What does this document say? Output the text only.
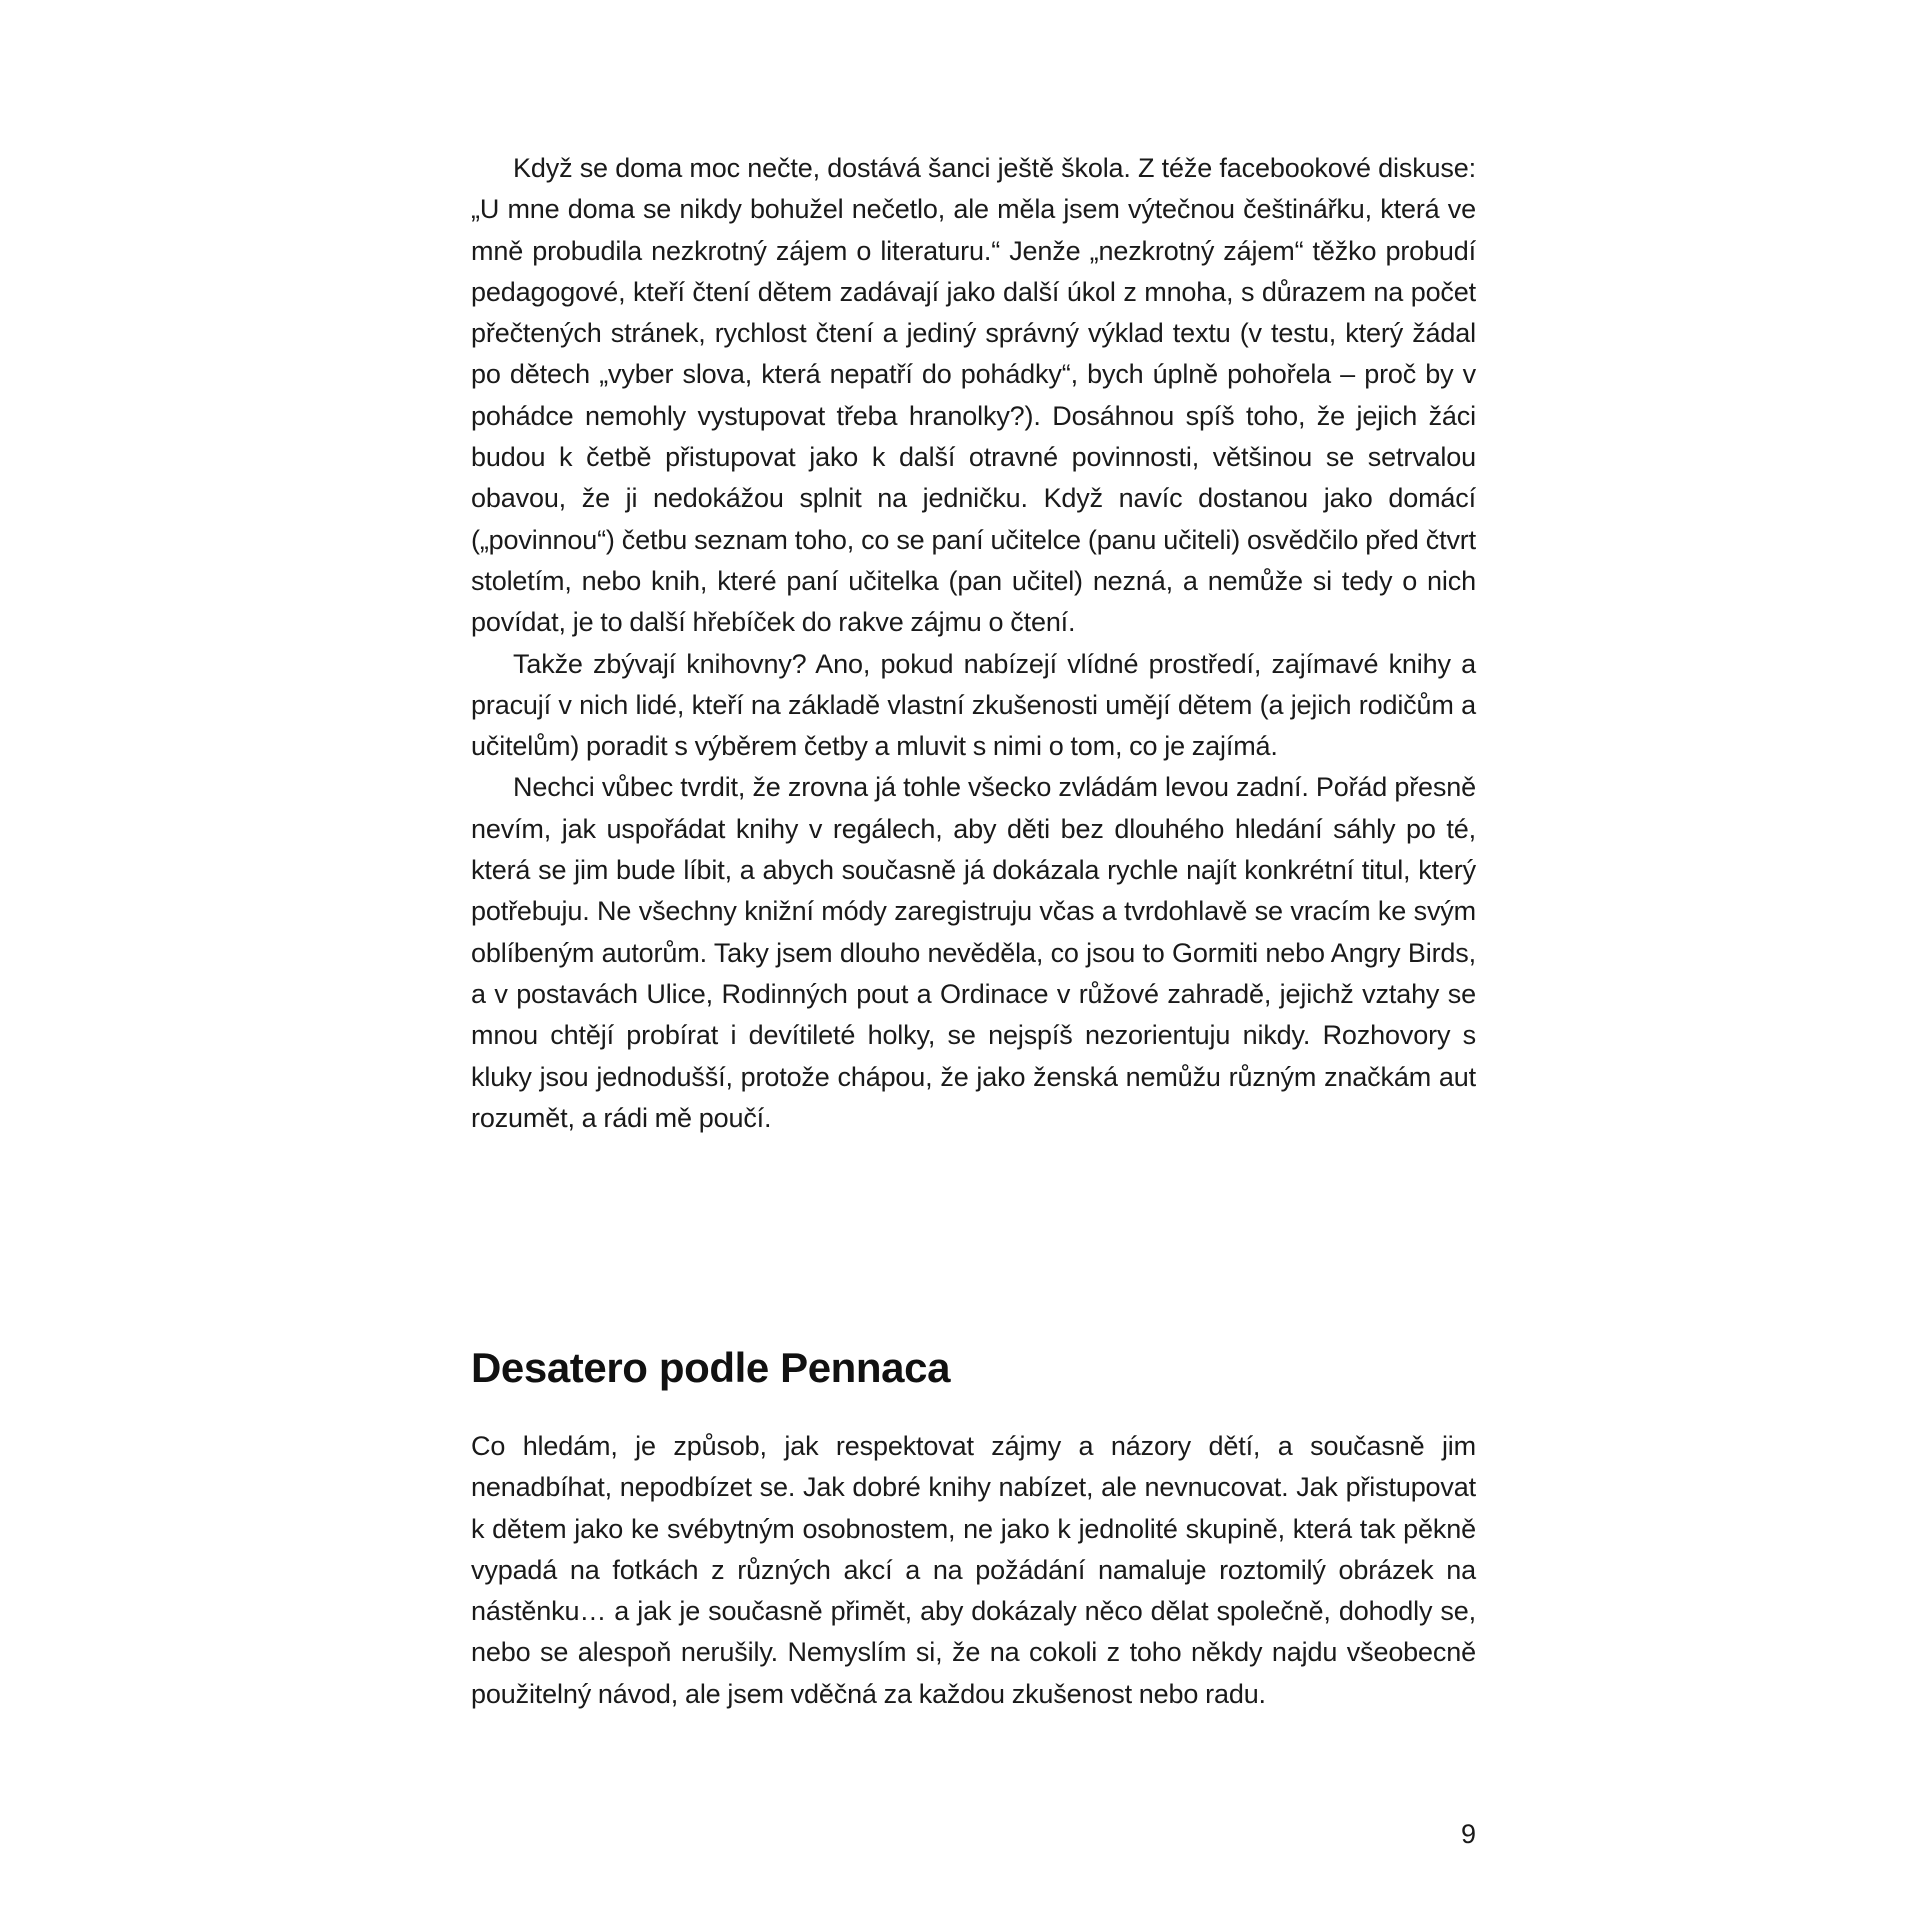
Když se doma moc nečte, dostává šanci ještě škola. Z téže facebookové diskuse: „U mne doma se nikdy bohužel nečetlo, ale měla jsem výtečnou češtinářku, která ve mně probudila nezkrotný zájem o literaturu.“ Jenže „nezkrotný zájem“ těžko probudí pedagogové, kteří čtení dětem zadávají jako další úkol z mnoha, s důrazem na počet přečtených stránek, rychlost čtení a jediný správný výklad textu (v testu, který žádal po dětech „vyber slova, která nepatří do pohádky“, bych úplně pohořela – proč by v pohádce nemohly vystupovat třeba hranolky?). Dosáhnou spíš toho, že jejich žáci budou k četbě přistupovat jako k další otravné povinnosti, většinou se setrvalou obavou, že ji nedokážou splnit na jedničku. Když navíc dostanou jako domácí („povinnou“) četbu seznam toho, co se paní učitelce (panu učiteli) osvědčilo před čtvrt stoletím, nebo knih, které paní učitelka (pan učitel) nezná, a nemůže si tedy o nich povídat, je to další hřebíček do rakve zájmu o čtení.

Takže zbývají knihovny? Ano, pokud nabízejí vlídné prostředí, zajímavé knihy a pracují v nich lidé, kteří na základě vlastní zkušenosti umějí dětem (a jejich rodičům a učitelům) poradit s výběrem četby a mluvit s nimi o tom, co je zajímá.

Nechci vůbec tvrdit, že zrovna já tohle všecko zvládám levou zadní. Pořád přesně nevím, jak uspořádat knihy v regálech, aby děti bez dlouhého hledání sáhly po té, která se jim bude líbit, a abych současně já dokázala rychle najít konkrétní titul, který potřebuju. Ne všechny knižní módy zaregistruju včas a tvrdohlavě se vracím ke svým oblíbeným autorům. Taky jsem dlouho nevěděla, co jsou to Gormiti nebo Angry Birds, a v postavách Ulice, Rodinných pout a Ordinace v růžové zahradě, jejichž vztahy se mnou chtějí probírat i devítileté holky, se nejspíš nezorientuju nikdy. Rozhovory s kluky jsou jednodušší, protože chápou, že jako ženská nemůžu různým značkám aut rozumět, a rádi mě poučí.

Desatero podle Pennaca

Co hledám, je způsob, jak respektovat zájmy a názory dětí, a současně jim nenadbíhat, nepodbízet se. Jak dobré knihy nabízet, ale nevnucovat. Jak přistupovat k dětem jako ke svébytným osobnostem, ne jako k jednolité skupině, která tak pěkně vypadá na fotkách z různých akcí a na požádání namaluje roztomilý obrázek na nástěnku… a jak je současně přimět, aby dokázaly něco dělat společně, dohodly se, nebo se alespoň nerušily. Nemyslím si, že na cokoli z toho někdy najdu všeobecně použitelný návod, ale jsem vděčná za každou zkušenost nebo radu.

9
